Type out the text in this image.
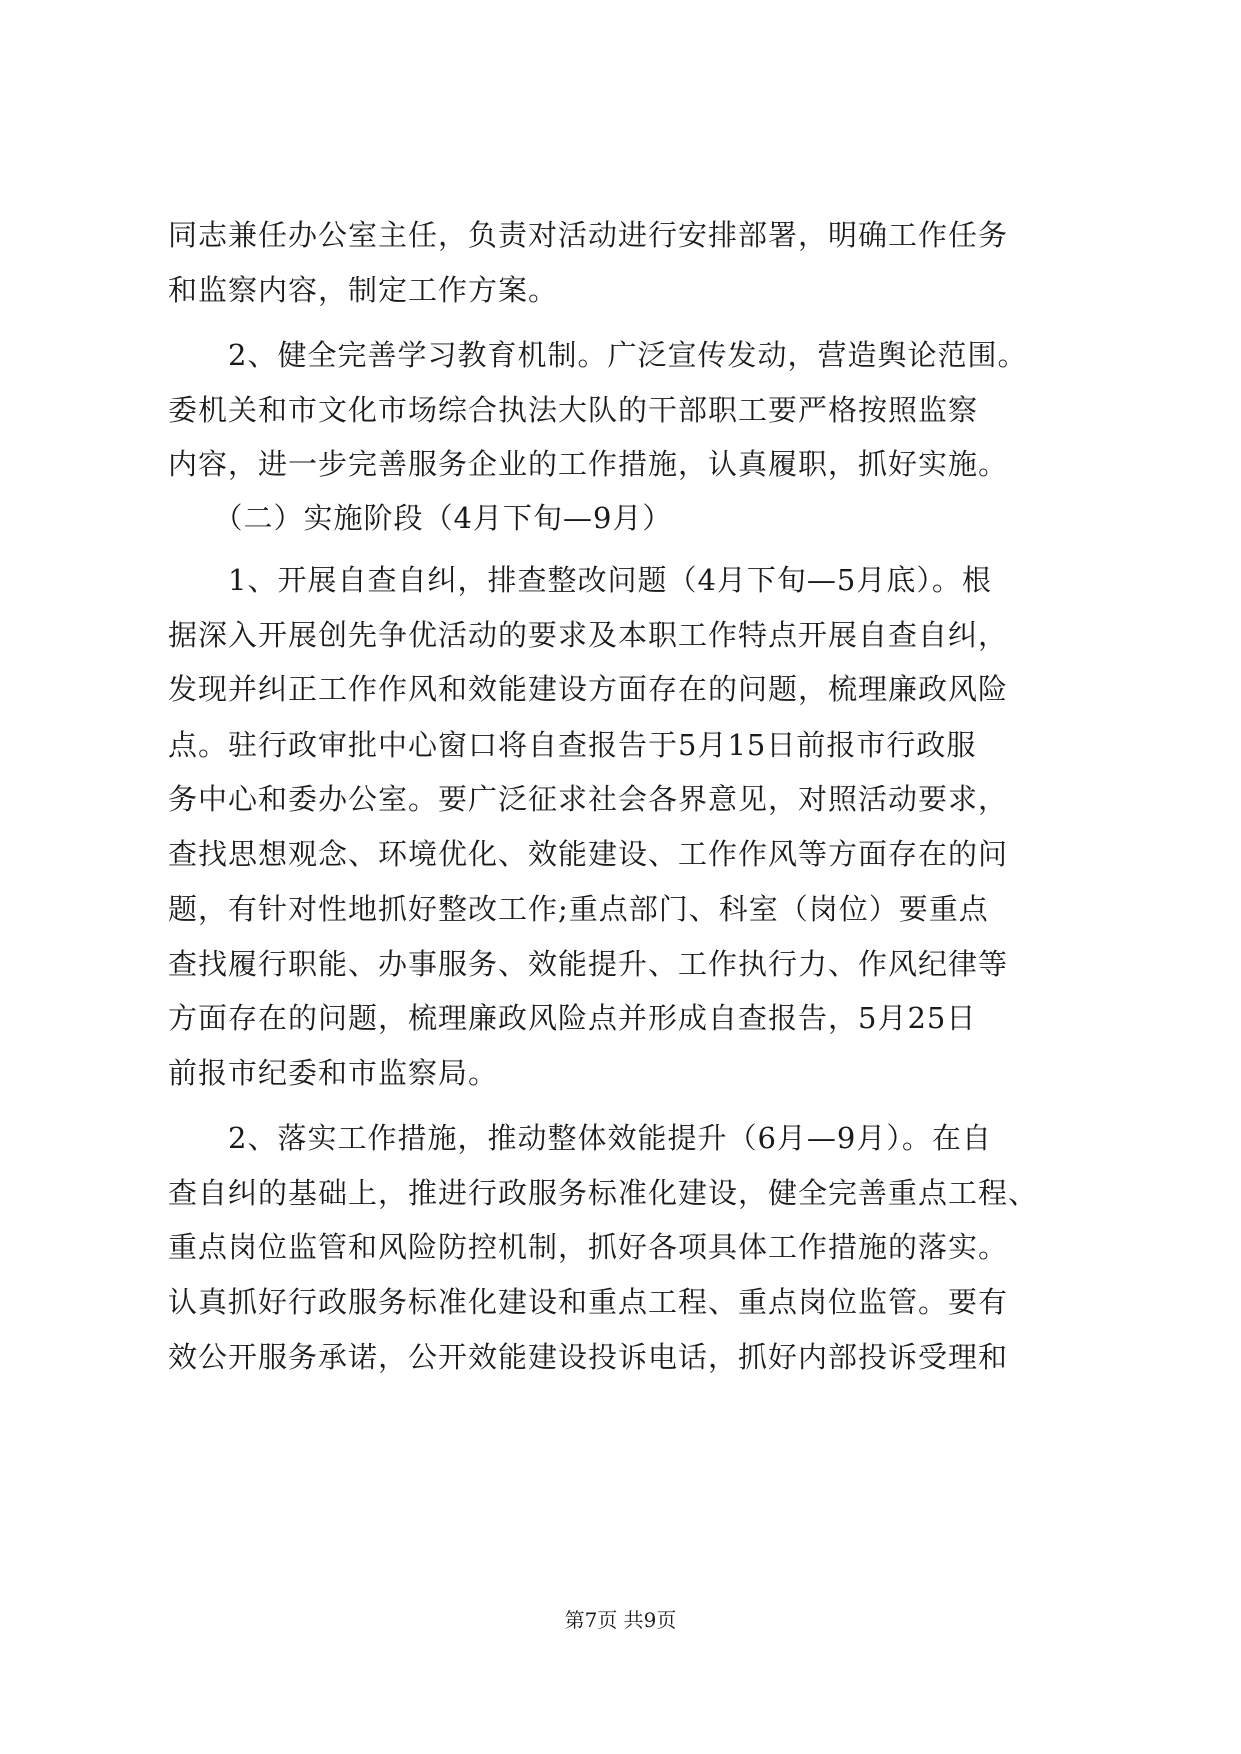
同志兼任办公室主任，负责对活动进行安排部署，明确工作任务
和监察内容，制定工作方案。
　　2、健全完善学习教育机制。广泛宣传发动，营造舆论范围。
委机关和市文化市场综合执法大队的干部职工要严格按照监察
内容，进一步完善服务企业的工作措施，认真履职，抓好实施。
　　（二）实施阶段（4月下旬—9月）
　　1、开展自查自纠，排查整改问题（4月下旬—5月底）。根
据深入开展创先争优活动的要求及本职工作特点开展自查自纠，
发现并纠正工作作风和效能建设方面存在的问题，梳理廉政风险
点。驻行政审批中心窗口将自查报告于5月15日前报市行政服
务中心和委办公室。要广泛征求社会各界意见，对照活动要求，
查找思想观念、环境优化、效能建设、工作作风等方面存在的问
题，有针对性地抓好整改工作;重点部门、科室（岗位）要重点
查找履行职能、办事服务、效能提升、工作执行力、作风纪律等
方面存在的问题，梳理廉政风险点并形成自查报告，5月25日
前报市纪委和市监察局。
　　2、落实工作措施，推动整体效能提升（6月—9月）。在自
查自纠的基础上，推进行政服务标准化建设，健全完善重点工程、
重点岗位监管和风险防控机制，抓好各项具体工作措施的落实。
认真抓好行政服务标准化建设和重点工程、重点岗位监管。要有
效公开服务承诺，公开效能建设投诉电话，抓好内部投诉受理和
第7页 共9页
